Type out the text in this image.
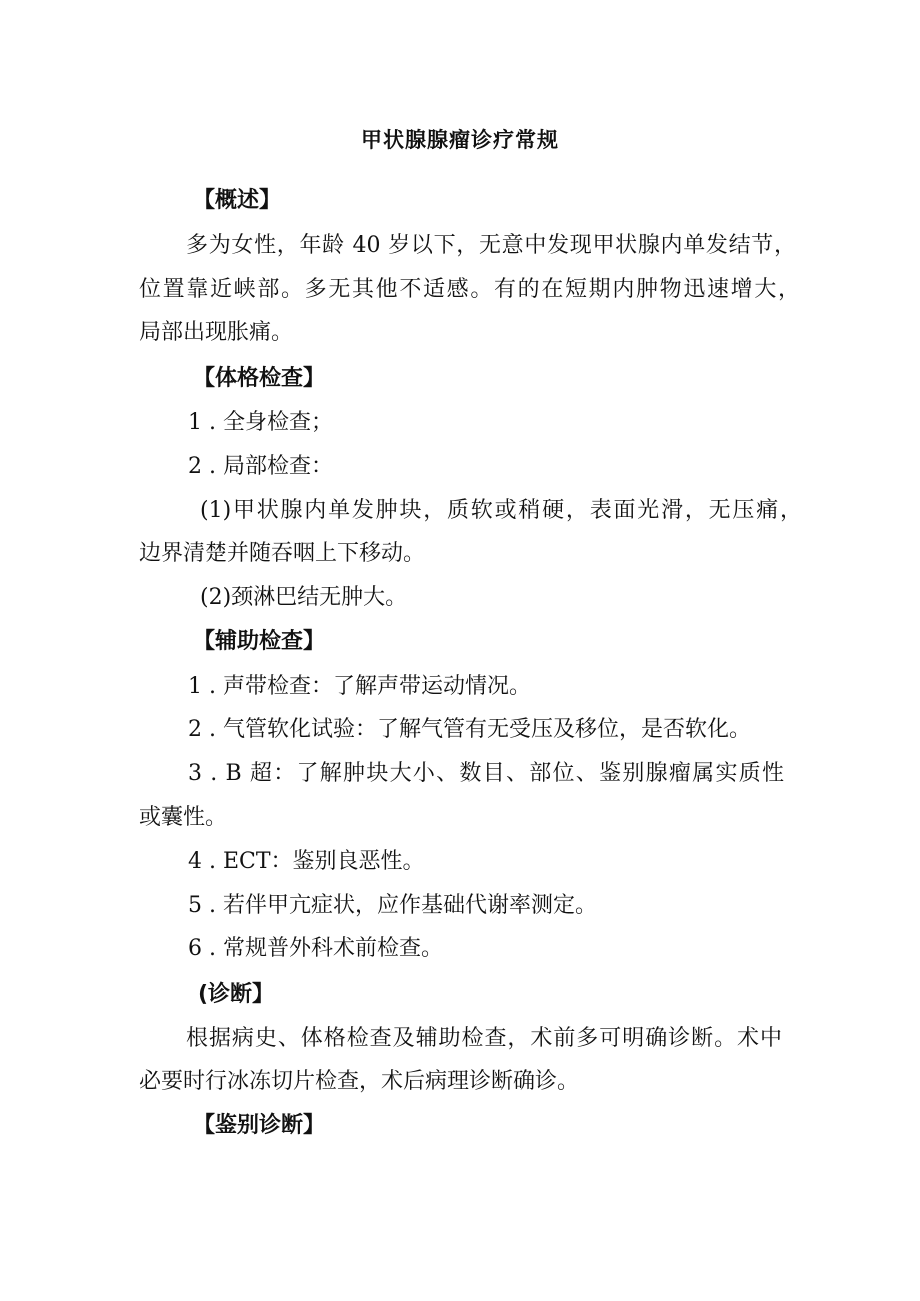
甲状腺腺瘤诊疗常规
【概述】
多为女性，年龄 40 岁以下，无意中发现甲状腺内单发结节，
位置靠近峡部。多无其他不适感。有的在短期内肿物迅速增大，
局部出现胀痛。
【体格检查】
1 . 全身检查；
2 . 局部检查：
(1)甲状腺内单发肿块，质软或稍硬，表面光滑，无压痛，
边界清楚并随吞咽上下移动。
(2)颈淋巴结无肿大。
【辅助检查】
1 . 声带检查：了解声带运动情况。
2 . 气管软化试验：了解气管有无受压及移位，是否软化。
3 . B 超：了解肿块大小、数目、部位、鉴别腺瘤属实质性
或囊性。
4 . ECT：鉴别良恶性。
5 . 若伴甲亢症状，应作基础代谢率测定。
6 . 常规普外科术前检查。
(诊断】
根据病史、体格检查及辅助检查，术前多可明确诊断。术中
必要时行冰冻切片检查，术后病理诊断确诊。
【鉴别诊断】
